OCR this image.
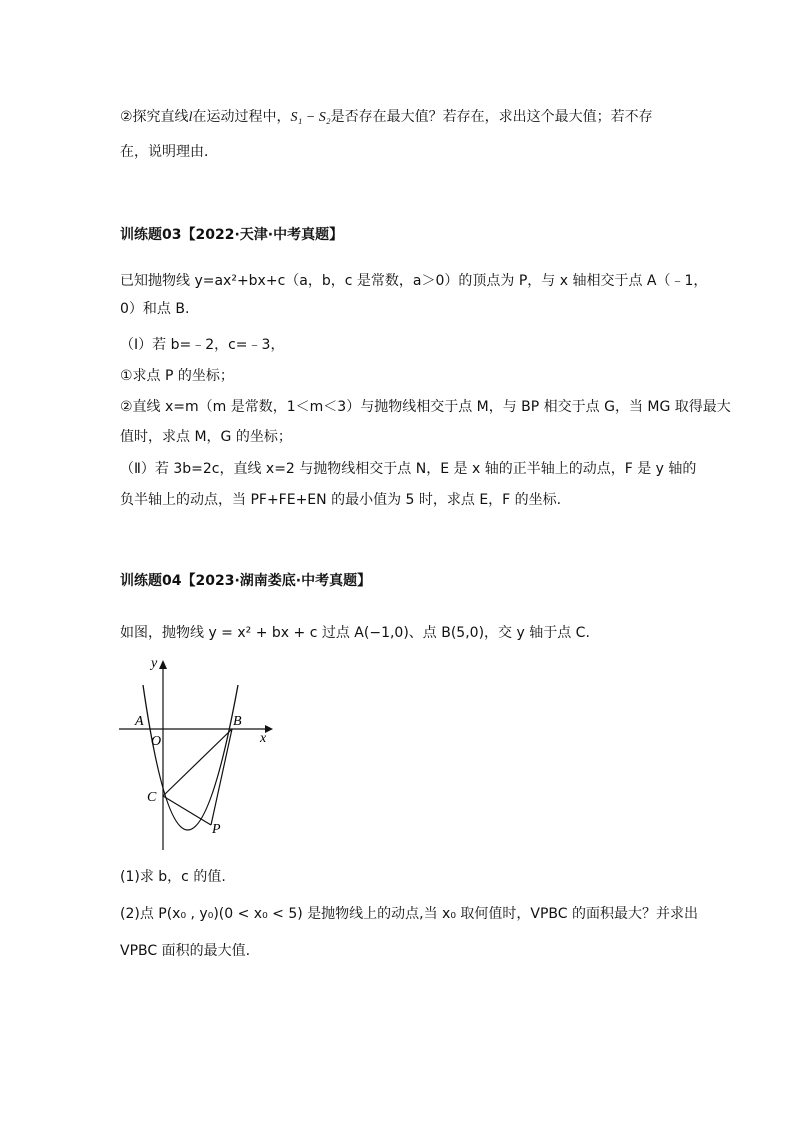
②探究直线l在运动过程中，S₁ − S₂是否存在最大值？若存在，求出这个最大值；若不存
在，说明理由．
训练题03【2022·天津·中考真题】
已知抛物线 y=ax²+bx+c（a，b，c 是常数，a＞0）的顶点为 P，与 x 轴相交于点 A（﹣1，
0）和点 B.
（Ⅰ）若 b=﹣2，c=﹣3，
①求点 P 的坐标；
②直线 x=m（m 是常数，1＜m＜3）与抛物线相交于点 M，与 BP 相交于点 G，当 MG 取得最大
值时，求点 M，G 的坐标；
（Ⅱ）若 3b=2c，直线 x=2 与抛物线相交于点 N，E 是 x 轴的正半轴上的动点，F 是 y 轴的
负半轴上的动点，当 PF+FE+EN 的最小值为 5 时，求点 E，F 的坐标.
训练题04【2023·湖南娄底·中考真题】
如图，抛物线 y = x² + bx + c 过点 A(−1,0)、点 B(5,0)，交 y 轴于点 C.
y
x
A
O
B
C
P
(1)求 b，c 的值.
(2)点 P(x₀ , y₀)(0 < x₀ < 5) 是抛物线上的动点,当 x₀ 取何值时，VPBC 的面积最大？并求出
VPBC 面积的最大值.
